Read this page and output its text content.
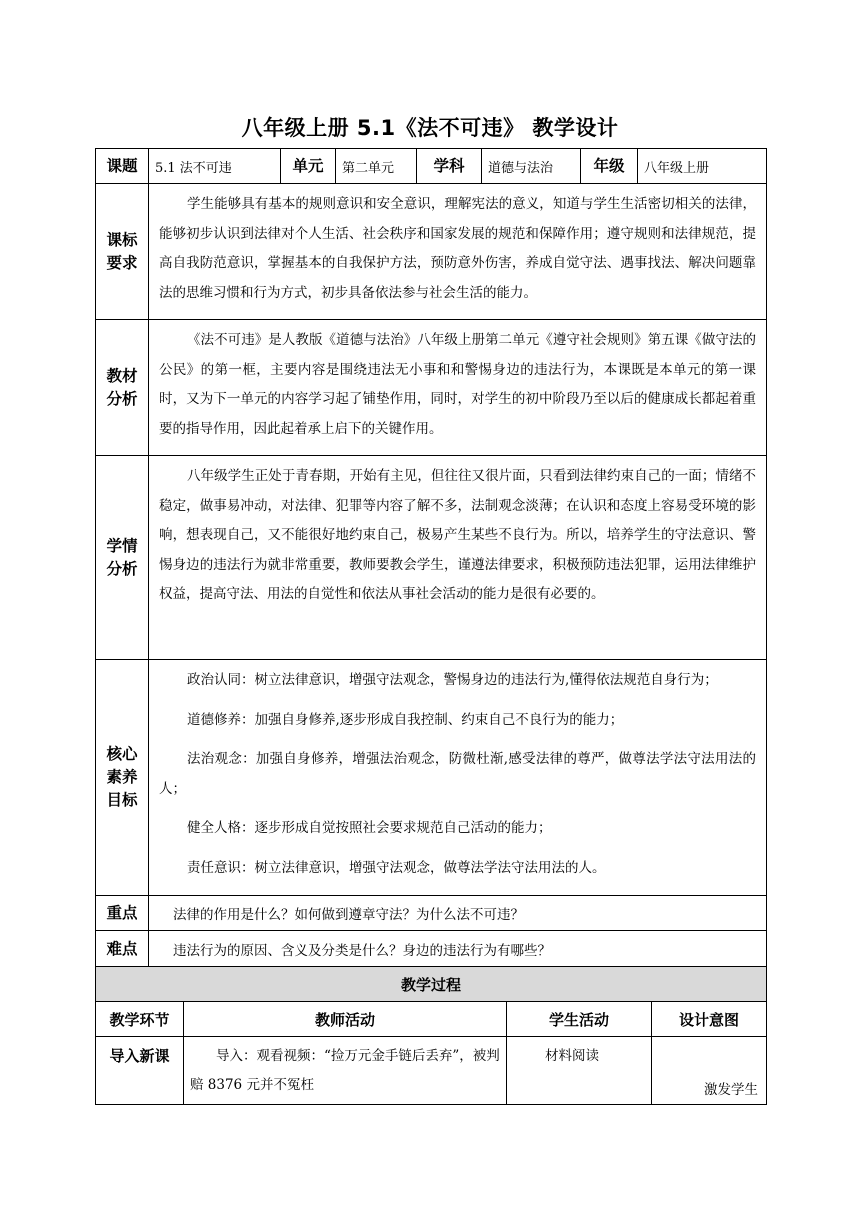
八年级上册 5.1《法不可违》 教学设计
课题	5.1 法不可违	单元	第二单元	学科	道德与法治	年级	八年级上册
课标要求	学生能够具有基本的规则意识和安全意识，理解宪法的意义，知道与学生生活密切相关的法律，能够初步认识到法律对个人生活、社会秩序和国家发展的规范和保障作用；遵守规则和法律规范，提高自我防范意识，掌握基本的自我保护方法，预防意外伤害，养成自觉守法、遇事找法、解决问题靠法的思维习惯和行为方式，初步具备依法参与社会生活的能力。						

教材分析	《法不可违》是人教版《道德与法治》八年级上册第二单元《遵守社会规则》第五课《做守法的公民》的第一框，主要内容是围绕违法无小事和和警惕身边的违法行为，本课既是本单元的第一课时，又为下一单元的内容学习起了铺垫作用，同时，对学生的初中阶段乃至以后的健康成长都起着重要的指导作用，因此起着承上启下的关键作用。						

学情分析	八年级学生正处于青春期，开始有主见，但往往又很片面，只看到法律约束自己的一面；情绪不稳定，做事易冲动，对法律、犯罪等内容了解不多，法制观念淡薄；在认识和态度上容易受环境的影响，想表现自己，又不能很好地约束自己，极易产生某些不良行为。所以，培养学生的守法意识、警惕身边的违法行为就非常重要，教师要教会学生，谨遵法律要求，积极预防违法犯罪，运用法律维护权益，提高守法、用法的自觉性和依法从事社会活动的能力是很有必要的。						

核心素养目标	政治认同：树立法律意识，增强守法观念，警惕身边的违法行为,懂得依法规范自身行为；

道德修养：加强自身修养,逐步形成自我控制、约束自己不良行为的能力；

法治观念：加强自身修养，增强法治观念，防微杜渐,感受法律的尊严，做尊法学法守法用法的人；

健全人格：逐步形成自觉按照社会要求规范自己活动的能力；

责任意识：树立法律意识，增强守法观念，做尊法学法守法用法的人。						

重点	法律的作用是什么？如何做到遵章守法？为什么法不可违？						
难点	违法行为的原因、含义及分类是什么？身边的违法行为有哪些？						
教学过程			
教学环节	教师活动	学生活动	设计意图
导入新课	导入：观看视频：“捡万元金手链后丢弃”，被判赔 8376 元并不冤枉	材料阅读	激发学生
